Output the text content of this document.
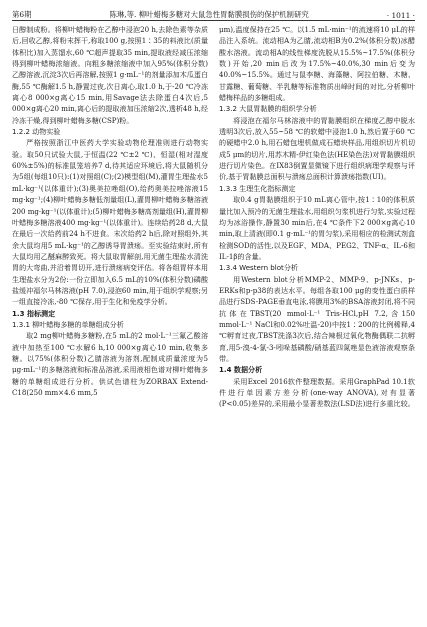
第6期	陈琳,等. 柳叶蜡梅多糖对大鼠急性胃黏膜损伤的保护机制研究	· 1011 ·

日醇制成粉。将柳叶蜡梅粉在乙醇中浸泡20 h,去除色素等杂质后,回收乙醇,将粉末挥干,称取100 g,按照1∶35的料液比(质量体积比)加入蒸馏水,60 ℃超声提取35 min,提取液经减压浓缩得到柳叶蜡梅浓缩液。向粗多糖浓缩液中加入95%(体积分数)乙醇溶液,沉淀3次后再溶解,按照1 g·mL⁻¹的剂量添加木瓜蛋白酶,55 ℃酶解1.5 h,静置过夜,次日离心,取1.0 h,于-20 ℃冷冻离心8 000×g离心15 min,用Savage法去除蛋白4次后,5 000×g离心20 min,离心后的提取液加压浓缩2次,透析48 h,经冷冻干燥,得到柳叶蜡梅多糖(CSP)粉。

1.2.2 动物实验

严格按照浙江中医药大学实验动物伦理准则进行动物实验。取50只试验大鼠,于恒温(22 ℃±2 ℃)、恒湿(相对湿度60%±5%)的标准鼠笼培养7 d,待其适应环境后,将大鼠随机分为5组(每组10只):(1)对照组(C);(2)模型组(M),灌胃生理盐水5 mL·kg⁻¹(以体重计);(3)奥美拉唑组(O),给药奥美拉唑溶液15 mg·kg⁻¹;(4)柳叶蜡梅多糖低剂量组(L),灌胃柳叶蜡梅多糖溶液200 mg·kg⁻¹(以体重计);(5)柳叶蜡梅多糖高剂量组(H),灌胃柳叶蜡梅多糖溶液400 mg·kg⁻¹(以体重计)。连续给药28 d,大鼠在最后一次给药前24 h不进食。末次给药2 h后,除对照组外,其余大鼠均用5 mL·kg⁻¹的乙醇诱导胃溃疡。至实验结束时,所有大鼠均用乙醚麻醉致死。将大鼠取胃解剖,用无菌生理盐水清洗胃的大弯曲,并沿着胃切开,进行溃疡病变评估。将各组胃样本用生理盐水分为2份:一份立即加入6.5 mL的10%(体积分数)磷酸盐缓冲福尔马林溶液(pH 7.0),浸泡60 min,用于组织学观察;另一组直接冷冻,-80 ℃保存,用于生化和免疫学分析。

1.3 指标测定
1.3.1 柳叶蜡梅多糖的单糖组成分析

取2 mg柳叶蜡梅多糖粉,在5 mL的2 mol·L⁻¹三氟乙酸溶液中加热至100 ℃水解6 h,10 000×g离心10 min,收集多糖。以75%(体积分数)乙腈溶液为溶剂,配制成质量浓度为5 μg·mL⁻¹的多糖溶液和标准品溶液,采用液相色谱对柳叶蜡梅多糖的单糖组成进行分析。供试色谱柱为ZORBAX Extend-C18(250 mm×4.6 mm,5

μm),温度保持在25 ℃。以1.5 mL·min⁻¹的流速将10 μL的样品注入系统。流动相A为乙腈,流动相B为0.2%(体积分数)冰醋酸水溶液。流动相A的线性梯度洗脱从15.5%~17.5%(体积分数)开始,20 min后改为17.5%~40.0%,30 min后变为40.0%~15.5%。通过与鼠李糖、海藻糖、阿拉伯糖、木糖、甘露糖、葡萄糖、半乳糖等标准物质出峰时间的对比,分析柳叶蜡梅样品的多糖组成。

1.3.2 大鼠胃黏膜的组织学分析

将浸泡在福尔马林溶液中的胃黏膜组织在梯度乙醇中脱水透明3次后,放入55~58 ℃的软蜡中浸泡1.0 h,然后置于60 ℃的硬蜡中2.0 h,用石蜡包埋机做成石蜡块样品,用组织切片机切成5 μm的切片,用苏木精-伊红染色法(HE染色法)对胃黏膜组织进行切片染色。在IX83倒置显微镜下进行组织病理学观察与评价,基于胃黏膜总面积与溃疡总面积计算溃疡指数(UI)。

1.3.3 生理生化指标测定

取0.4 g胃黏膜组织于10 mL离心管中,按1∶10的体积质量比加入预冷的无菌生理盐水,用组织匀浆机进行匀浆,实验过程均为冰浴操作,静置30 min后,在4 ℃条件下2 000×g离心10 min,取上清液(即0.1 g·mL⁻¹的胃匀浆),采用相应的检测试剂盒检测SOD的活性,以及EGF、MDA、PEG2、TNF-α、IL-6和IL-1β的含量。

1.3.4 Western blot分析

用Western blot分析MMP-2、MMP-9、p-JNKs、p-ERKs和p-p38的表达水平。每组各取100 μg的变性蛋白质样品进行SDS-PAGE垂直电泳,将膜用3%的BSA溶液封闭,将不同抗体在TBST(20 mmol·L⁻¹ Tris-HCl,pH 7.2,含150 mmol·L⁻¹ NaCl和0.02%吐温-20)中按1∶200的比例稀释,4 ℃孵育过夜,TBST洗涤3次后,结合辣根过氧化物酶偶联二抗孵育,用5-溴-4-氯-3-吲哚基磷酸/硝基蓝四氮唑显色液溶液观察条带。

1.4 数据分析

采用Excel 2016软件整理数据。采用GraphPad 10.1软件进行单因素方差分析(one-way ANOVA),对有显著(P<0.05)差异的,采用最小显著差数法(LSD法)进行多重比较。
